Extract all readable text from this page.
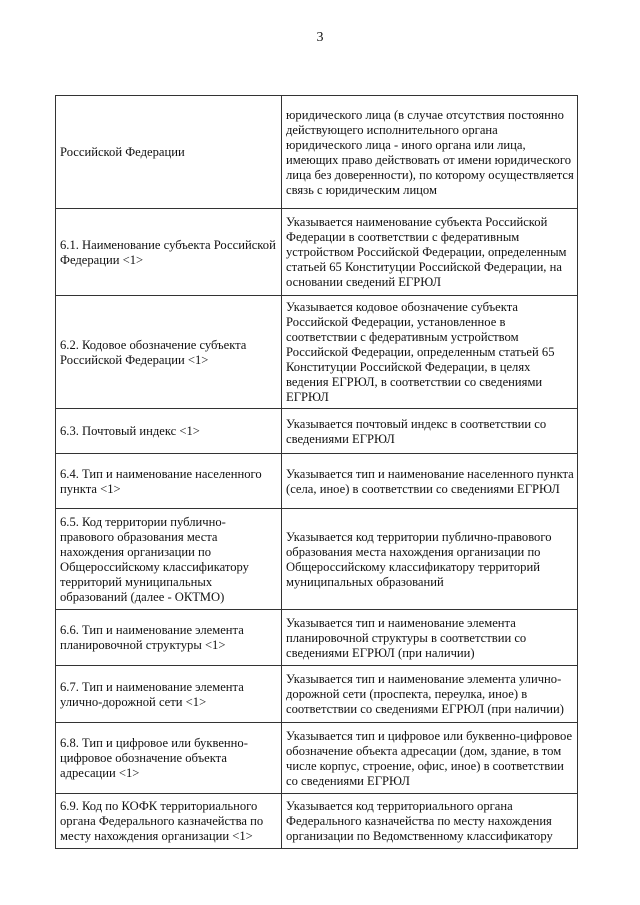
3
Российской Федерации	юридического лица (в случае отсутствия постоянно действующего исполнительного органа юридического лица - иного органа или лица, имеющих право действовать от имени юридического лица без доверенности), по которому осуществляется связь с юридическим лицом
6.1. Наименование субъекта Российской Федерации <1>	Указывается наименование субъекта Российской Федерации в соответствии с федеративным устройством Российской Федерации, определенным статьей 65 Конституции Российской Федерации, на основании сведений ЕГРЮЛ
6.2. Кодовое обозначение субъекта Российской Федерации <1>	Указывается кодовое обозначение субъекта Российской Федерации, установленное в соответствии с федеративным устройством Российской Федерации, определенным статьей 65 Конституции Российской Федерации, в целях ведения ЕГРЮЛ, в соответствии со сведениями ЕГРЮЛ
6.3. Почтовый индекс <1>	Указывается почтовый индекс в соответствии со сведениями ЕГРЮЛ
6.4. Тип и наименование населенного пункта <1>	Указывается тип и наименование населенного пункта (села, иное) в соответствии со сведениями ЕГРЮЛ
6.5. Код территории публично-правового образования места нахождения организации по Общероссийскому классификатору территорий муниципальных образований (далее - ОКТМО)	Указывается код территории публично-правового образования места нахождения организации по Общероссийскому классификатору территорий муниципальных образований
6.6. Тип и наименование элемента планировочной структуры <1>	Указывается тип и наименование элемента планировочной структуры в соответствии со сведениями ЕГРЮЛ (при наличии)
6.7. Тип и наименование элемента улично-дорожной сети <1>	Указывается тип и наименование элемента улично-дорожной сети (проспекта, переулка, иное) в соответствии со сведениями ЕГРЮЛ (при наличии)
6.8. Тип и цифровое или буквенно-цифровое обозначение объекта адресации <1>	Указывается тип и цифровое или буквенно-цифровое обозначение объекта адресации (дом, здание, в том числе корпус, строение, офис, иное) в соответствии со сведениями ЕГРЮЛ
6.9. Код по КОФК территориального органа Федерального казначейства по месту нахождения организации <1>	Указывается код территориального органа Федерального казначейства по месту нахождения организации по Ведомственному классификатору
